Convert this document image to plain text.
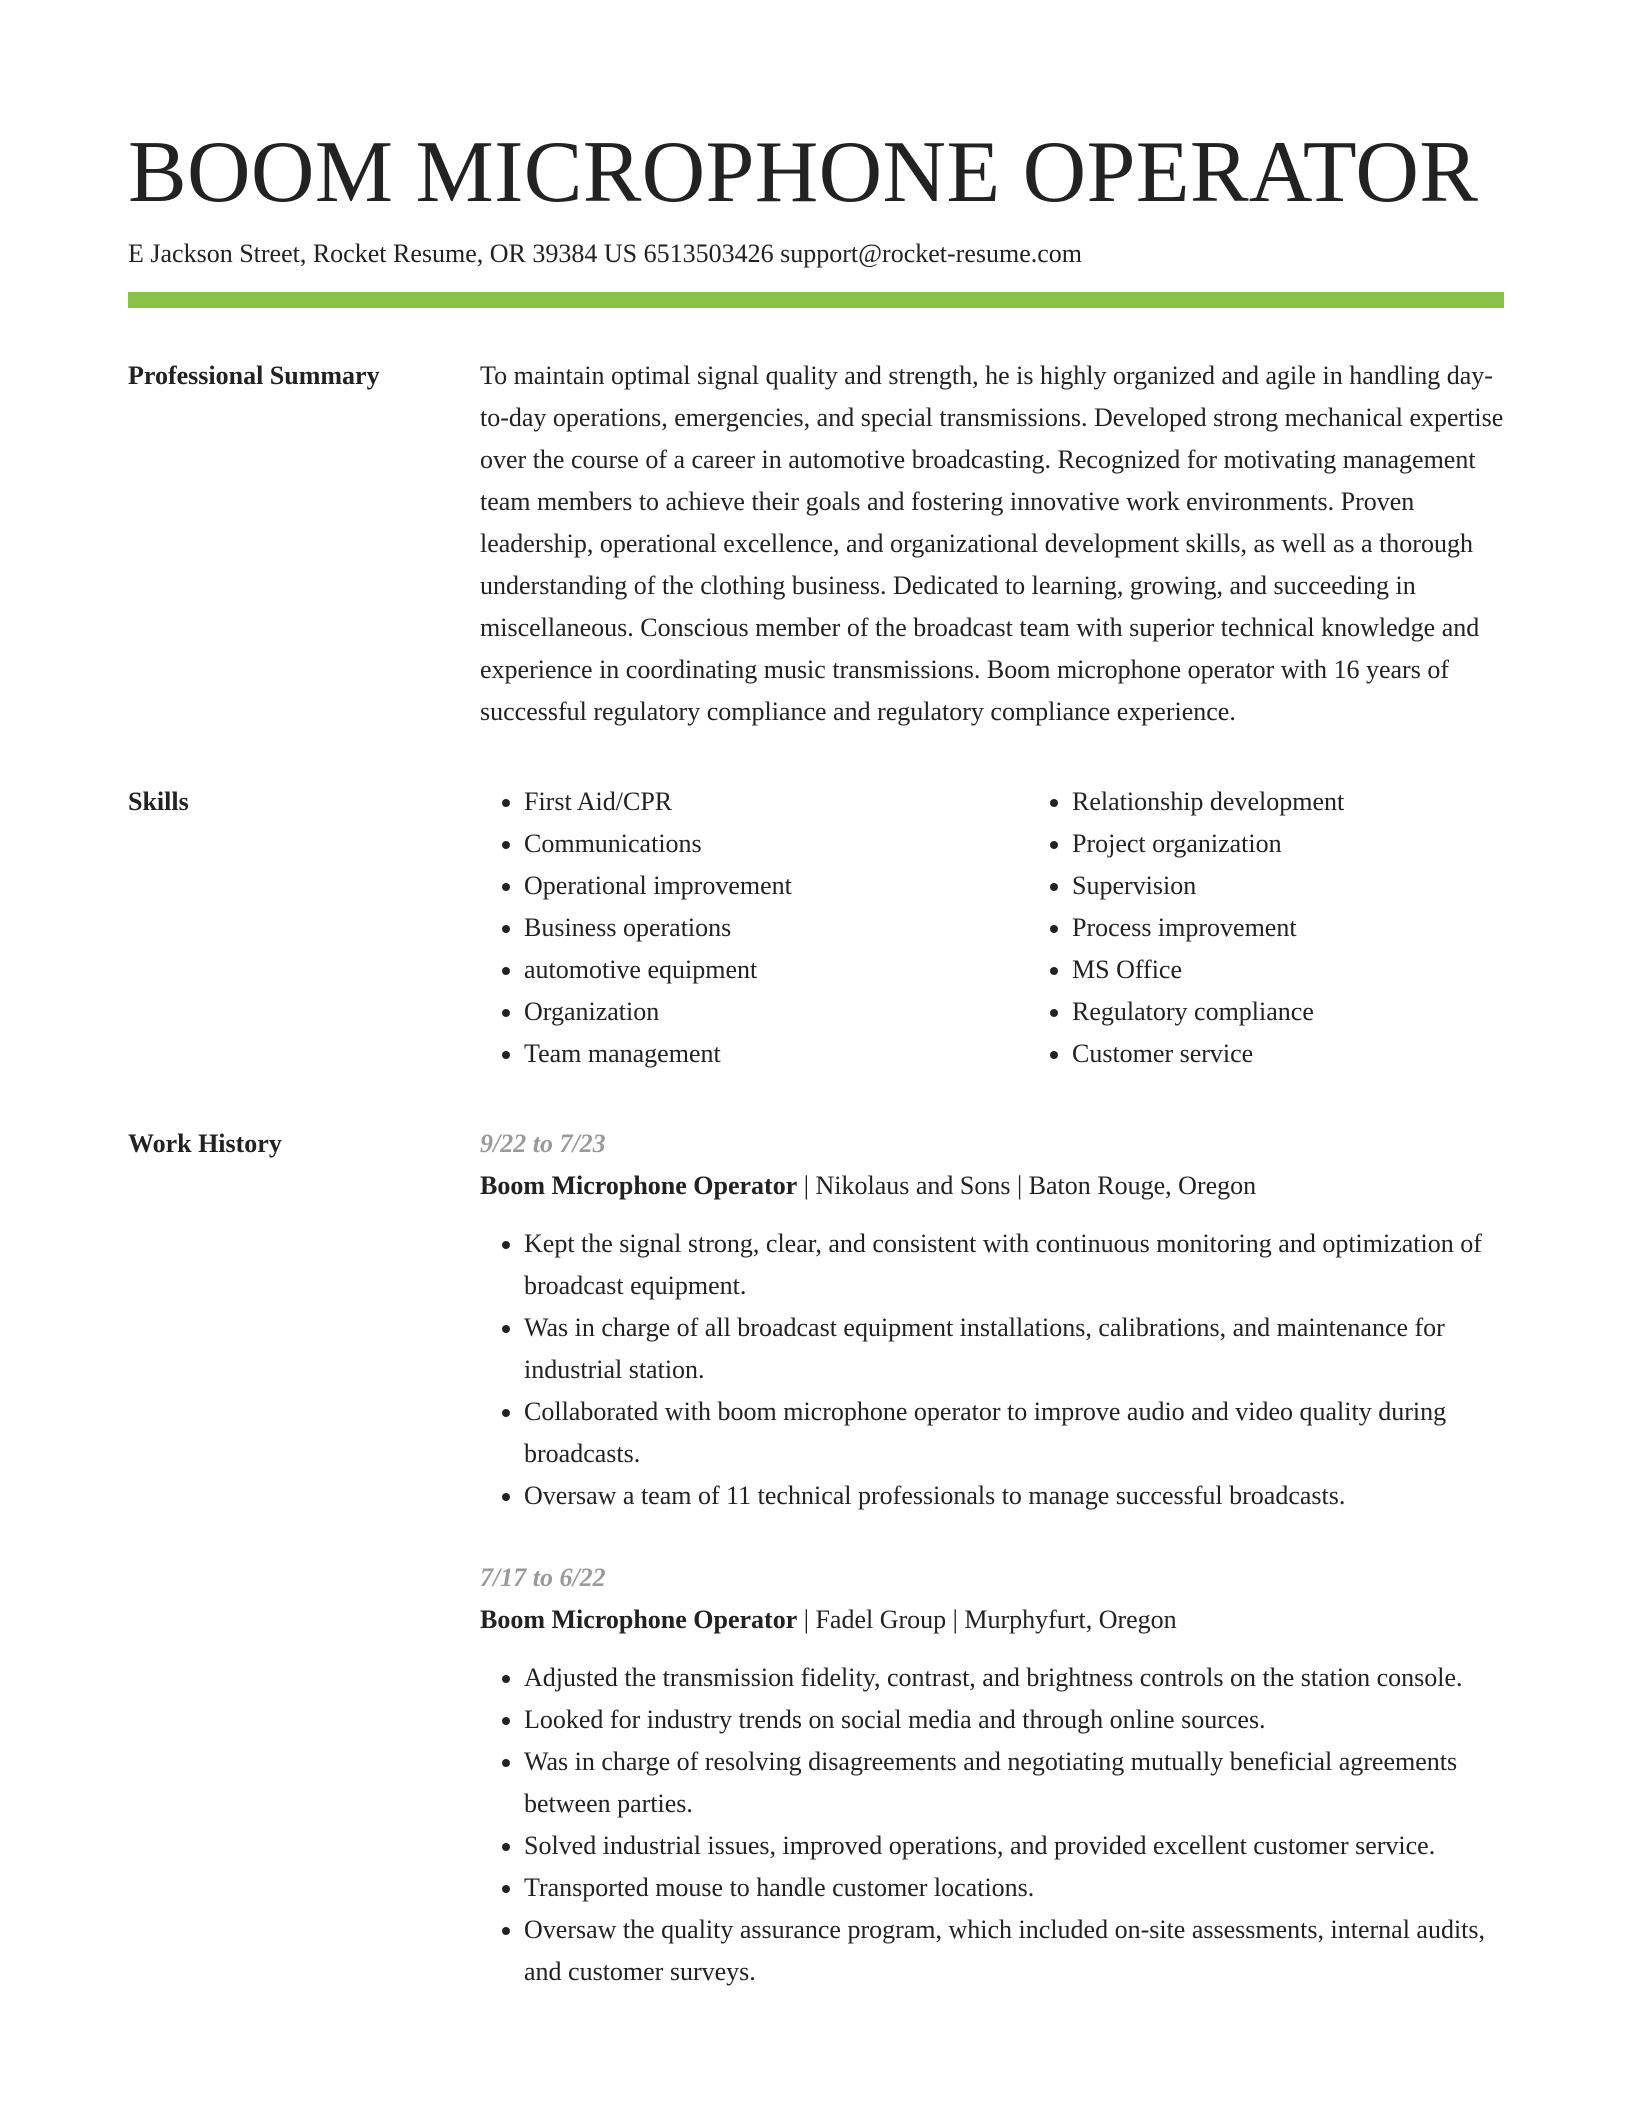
BOOM MICROPHONE OPERATOR
E Jackson Street, Rocket Resume, OR 39384 US 6513503426 support@rocket-resume.com
Professional Summary	To maintain optimal signal quality and strength, he is highly organized and agile in handling day-to-day operations, emergencies, and special transmissions. Developed strong mechanical expertise over the course of a career in automotive broadcasting. Recognized for motivating management team members to achieve their goals and fostering innovative work environments. Proven leadership, operational excellence, and organizational development skills, as well as a thorough understanding of the clothing business. Dedicated to learning, growing, and succeeding in miscellaneous. Conscious member of the broadcast team with superior technical knowledge and experience in coordinating music transmissions. Boom microphone operator with 16 years of successful regulatory compliance and regulatory compliance experience.

Skills
•	First Aid/CPR
• Communications
• Operational improvement
• Business operations
• automotive equipment
• Organization
• Team management
• Relationship development
• Project organization
• Supervision
• Process improvement
• MS Office
• Regulatory compliance
• Customer service
Work History	9/22 to 7/23
Boom Microphone Operator | Nikolaus and Sons | Baton Rouge, Oregon
• Kept the signal strong, clear, and consistent with continuous monitoring and optimization of broadcast equipment.
• Was in charge of all broadcast equipment installations, calibrations, and maintenance for industrial station.
• Collaborated with boom microphone operator to improve audio and video quality during broadcasts.
• Oversaw a team of 11 technical professionals to manage successful broadcasts.
7/17 to 6/22
Boom Microphone Operator | Fadel Group | Murphyfurt, Oregon
• Adjusted the transmission fidelity, contrast, and brightness controls on the station console.
• Looked for industry trends on social media and through online sources.
• Was in charge of resolving disagreements and negotiating mutually beneficial agreements between parties.
• Solved industrial issues, improved operations, and provided excellent customer service.
• Transported mouse to handle customer locations.
• Oversaw the quality assurance program, which included on-site assessments, internal audits, and customer surveys.
